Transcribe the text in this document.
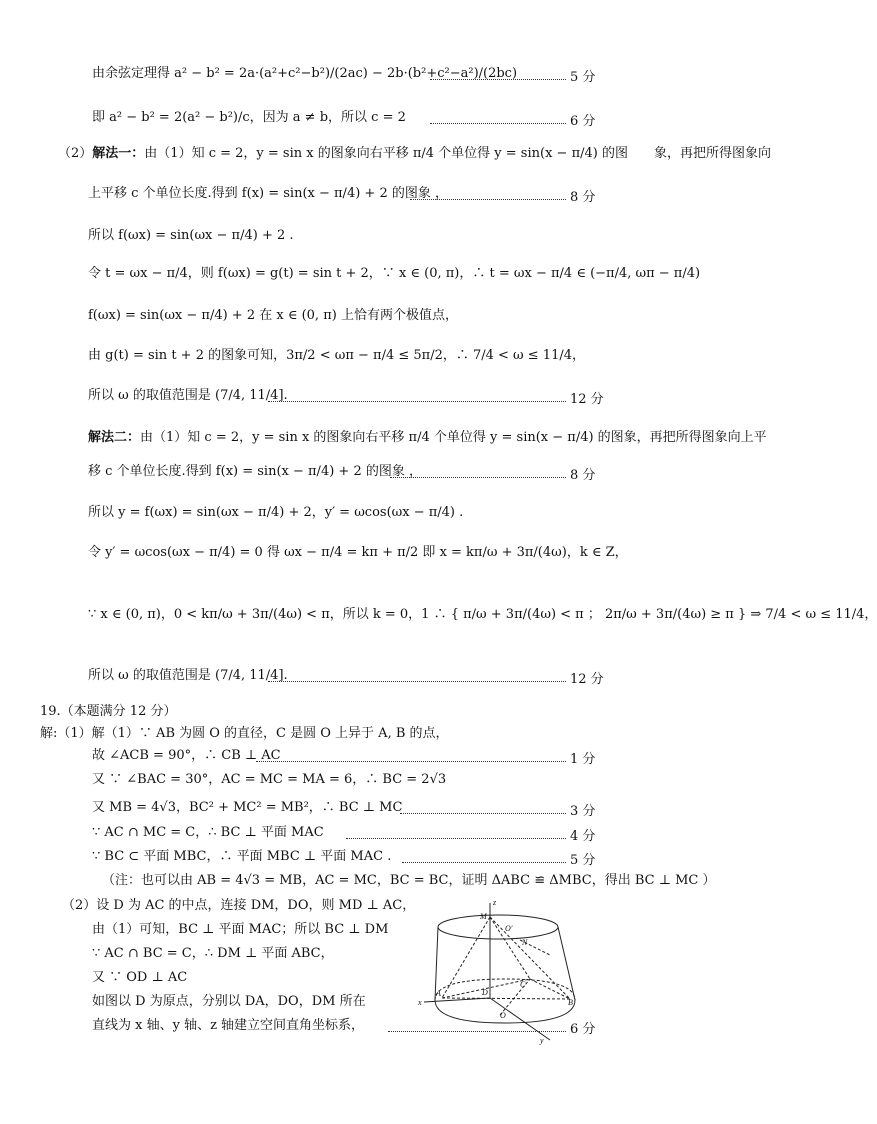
由余弦定理得 a² − b² = 2a·(a²+c²−b²)/(2ac) − 2b·(b²+c²−a²)/(2bc)	5 分
即 a² − b² = 2(a² − b²)/c，因为 a ≠ b，所以 c = 2	6 分
（2）解法一：由（1）知 c = 2，y = sin x 的图象向右平移 π/4 个单位得 y = sin(x − π/4) 的图　　象，再把所得图象向
上平移 c 个单位长度.得到 f(x) = sin(x − π/4) + 2 的图象 ，	8 分
所以 f(ωx) = sin(ωx − π/4) + 2 .
令 t = ωx − π/4，则 f(ωx) = g(t) = sin t + 2，∵ x ∈ (0, π)，∴ t = ωx − π/4 ∈ (−π/4, ωπ − π/4)
f(ωx) = sin(ωx − π/4) + 2 在 x ∈ (0, π) 上恰有两个极值点，
由 g(t) = sin t + 2 的图象可知，3π/2 < ωπ − π/4 ≤ 5π/2，∴ 7/4 < ω ≤ 11/4，
所以 ω 的取值范围是 (7/4, 11/4].	12 分
解法二：由（1）知 c = 2，y = sin x 的图象向右平移 π/4 个单位得 y = sin(x − π/4) 的图象，再把所得图象向上平
移 c 个单位长度.得到 f(x) = sin(x − π/4) + 2 的图象 ，	8 分
所以 y = f(ωx) = sin(ωx − π/4) + 2，y′ = ωcos(ωx − π/4) .
令 y′ = ωcos(ωx − π/4) = 0 得 ωx − π/4 = kπ + π/2 即 x = kπ/ω + 3π/(4ω)，k ∈ Z，
∵ x ∈ (0, π)，0 < kπ/ω + 3π/(4ω) < π，所以 k = 0，1 ∴ { π/ω + 3π/(4ω) < π ； 2π/ω + 3π/(4ω) ≥ π } ⇒ 7/4 < ω ≤ 11/4，
所以 ω 的取值范围是 (7/4, 11/4].	12 分
19.（本题满分 12 分）
解:（1）解（1）∵ AB 为圆 O 的直径，C 是圆 O 上异于 A, B 的点，
故 ∠ACB = 90°，∴ CB ⊥ AC	1 分
又 ∵ ∠BAC = 30°，AC = MC = MA = 6，∴ BC = 2√3
又 MB = 4√3，BC² + MC² = MB²，∴ BC ⊥ MC	3 分
∵ AC ∩ MC = C，∴ BC ⊥ 平面 MAC	4 分
∵ BC ⊂ 平面 MBC，∴ 平面 MBC ⊥ 平面 MAC .	5 分
（注：也可以由 AB = 4√3 = MB，AC = MC，BC = BC，证明 ΔABC ≌ ΔMBC，得出 BC ⊥ MC ）
（2）设 D 为 AC 的中点，连接 DM，DO，则 MD ⊥ AC，
由（1）可知，BC ⊥ 平面 MAC；所以 BC ⊥ DM
∵ AC ∩ BC = C，∴ DM ⊥ 平面 ABC，
又 ∵ OD ⊥ AC
如图以 D 为原点，分别以 DA，DO，DM 所在
直线为 x 轴、y 轴、z 轴建立空间直角坐标系，	6 分
z
M
O′
N
A	D
C
B
O
x
y
